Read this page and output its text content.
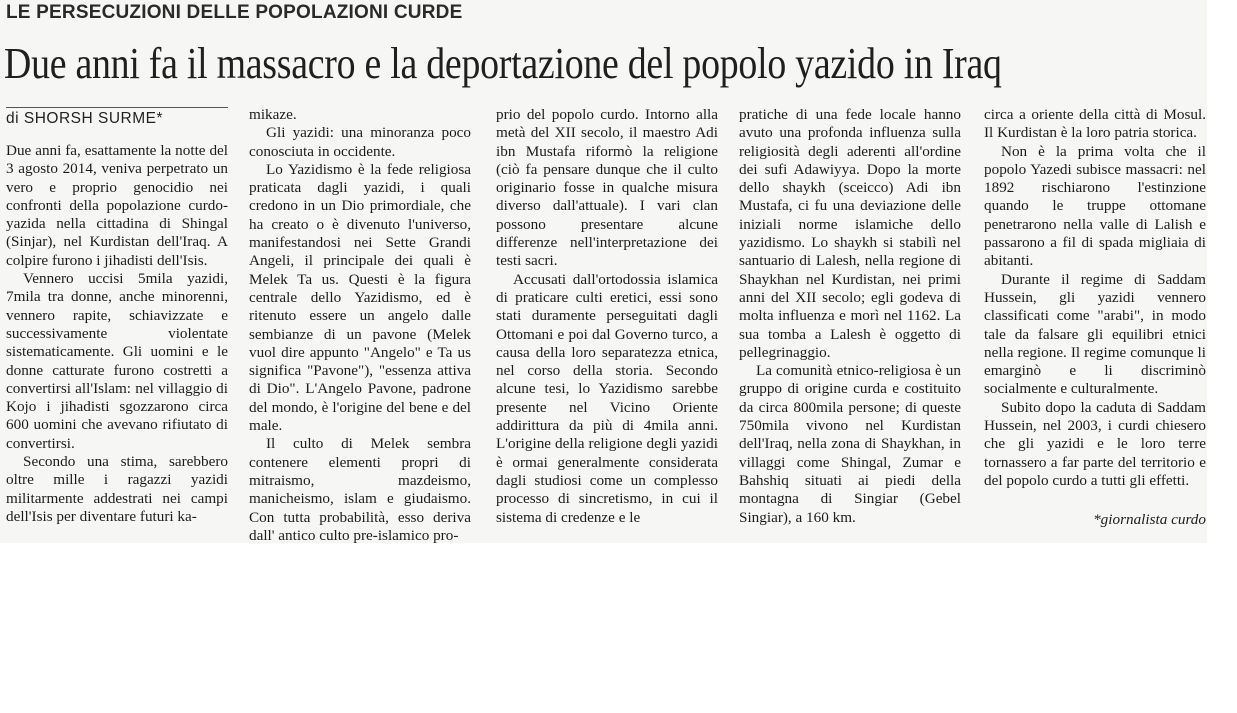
LE PERSECUZIONI DELLE POPOLAZIONI CURDE
Due anni fa il massacro e la deportazione del popolo yazido in Iraq
di SHORSH SURME*

Due anni fa, esattamente la notte del 3 agosto 2014, veniva perpetrato un vero e proprio genocidio nei confronti della popolazione curdo-yazida nella cittadina di Shingal (Sinjar), nel Kurdistan dell'Iraq. A colpire furono i jihadisti dell'Isis.

Vennero uccisi 5mila yazidi, 7mila tra donne, anche minorenni, vennero rapite, schiavizzate e successivamente violentate sistematicamente. Gli uomini e le donne catturate furono costretti a convertirsi all'Islam: nel villaggio di Kojo i jihadisti sgozzarono circa 600 uomini che avevano rifiutato di convertirsi.

Secondo una stima, sarebbero oltre mille i ragazzi yazidi militarmente addestrati nei campi dell'Isis per diventare futuri ka-

mikaze.

Gli yazidi: una minoranza poco conosciuta in occidente.

Lo Yazidismo è la fede religiosa praticata dagli yazidi, i quali credono in un Dio primordiale, che ha creato o è divenuto l'universo, manifestandosi nei Sette Grandi Angeli, il principale dei quali è Melek Ta us. Questi è la figura centrale dello Yazidismo, ed è ritenuto essere un angelo dalle sembianze di un pavone (Melek vuol dire appunto "Angelo" e Ta us significa "Pavone"), "essenza attiva di Dio". L'Angelo Pavone, padrone del mondo, è l'origine del bene e del male.

Il culto di Melek sembra contenere elementi propri di mitraismo, mazdeismo, manicheismo, islam e giudaismo. Con tutta probabilità, esso deriva dall' antico culto pre-islamico pro-

prio del popolo curdo. Intorno alla metà del XII secolo, il maestro Adi ibn Mustafa riformò la religione (ciò fa pensare dunque che il culto originario fosse in qualche misura diverso dall'attuale). I vari clan possono presentare alcune differenze nell'interpretazione dei testi sacri.

Accusati dall'ortodossia islamica di praticare culti eretici, essi sono stati duramente perseguitati dagli Ottomani e poi dal Governo turco, a causa della loro separatezza etnica, nel corso della storia. Secondo alcune tesi, lo Yazidismo sarebbe presente nel Vicino Oriente addirittura da più di 4mila anni. L'origine della religione degli yazidi è ormai generalmente considerata dagli studiosi come un complesso processo di sincretismo, in cui il sistema di credenze e le

pratiche di una fede locale hanno avuto una profonda influenza sulla religiosità degli aderenti all'ordine dei sufi Adawiyya. Dopo la morte dello shaykh (sceicco) Adi ibn Mustafa, ci fu una deviazione delle iniziali norme islamiche dello yazidismo. Lo shaykh si stabilì nel santuario di Lalesh, nella regione di Shaykhan nel Kurdistan, nei primi anni del XII secolo; egli godeva di molta influenza e morì nel 1162. La sua tomba a Lalesh è oggetto di pellegrinaggio.

La comunità etnico-religiosa è un gruppo di origine curda e costituito da circa 800mila persone; di queste 750mila vivono nel Kurdistan dell'Iraq, nella zona di Shaykhan, in villaggi come Shingal, Zumar e Bahshiq situati ai piedi della montagna di Singiar (Gebel Singiar), a 160 km.

circa a oriente della città di Mosul. Il Kurdistan è la loro patria storica.

Non è la prima volta che il popolo Yazedi subisce massacri: nel 1892 rischiarono l'estinzione quando le truppe ottomane penetrarono nella valle di Lalish e passarono a fil di spada migliaia di abitanti.

Durante il regime di Saddam Hussein, gli yazidi vennero classificati come "arabi", in modo tale da falsare gli equilibri etnici nella regione. Il regime comunque li emarginò e li discriminò socialmente e culturalmente.

Subito dopo la caduta di Saddam Hussein, nel 2003, i curdi chiesero che gli yazidi e le loro terre tornassero a far parte del territorio e del popolo curdo a tutti gli effetti.

*giornalista curdo
